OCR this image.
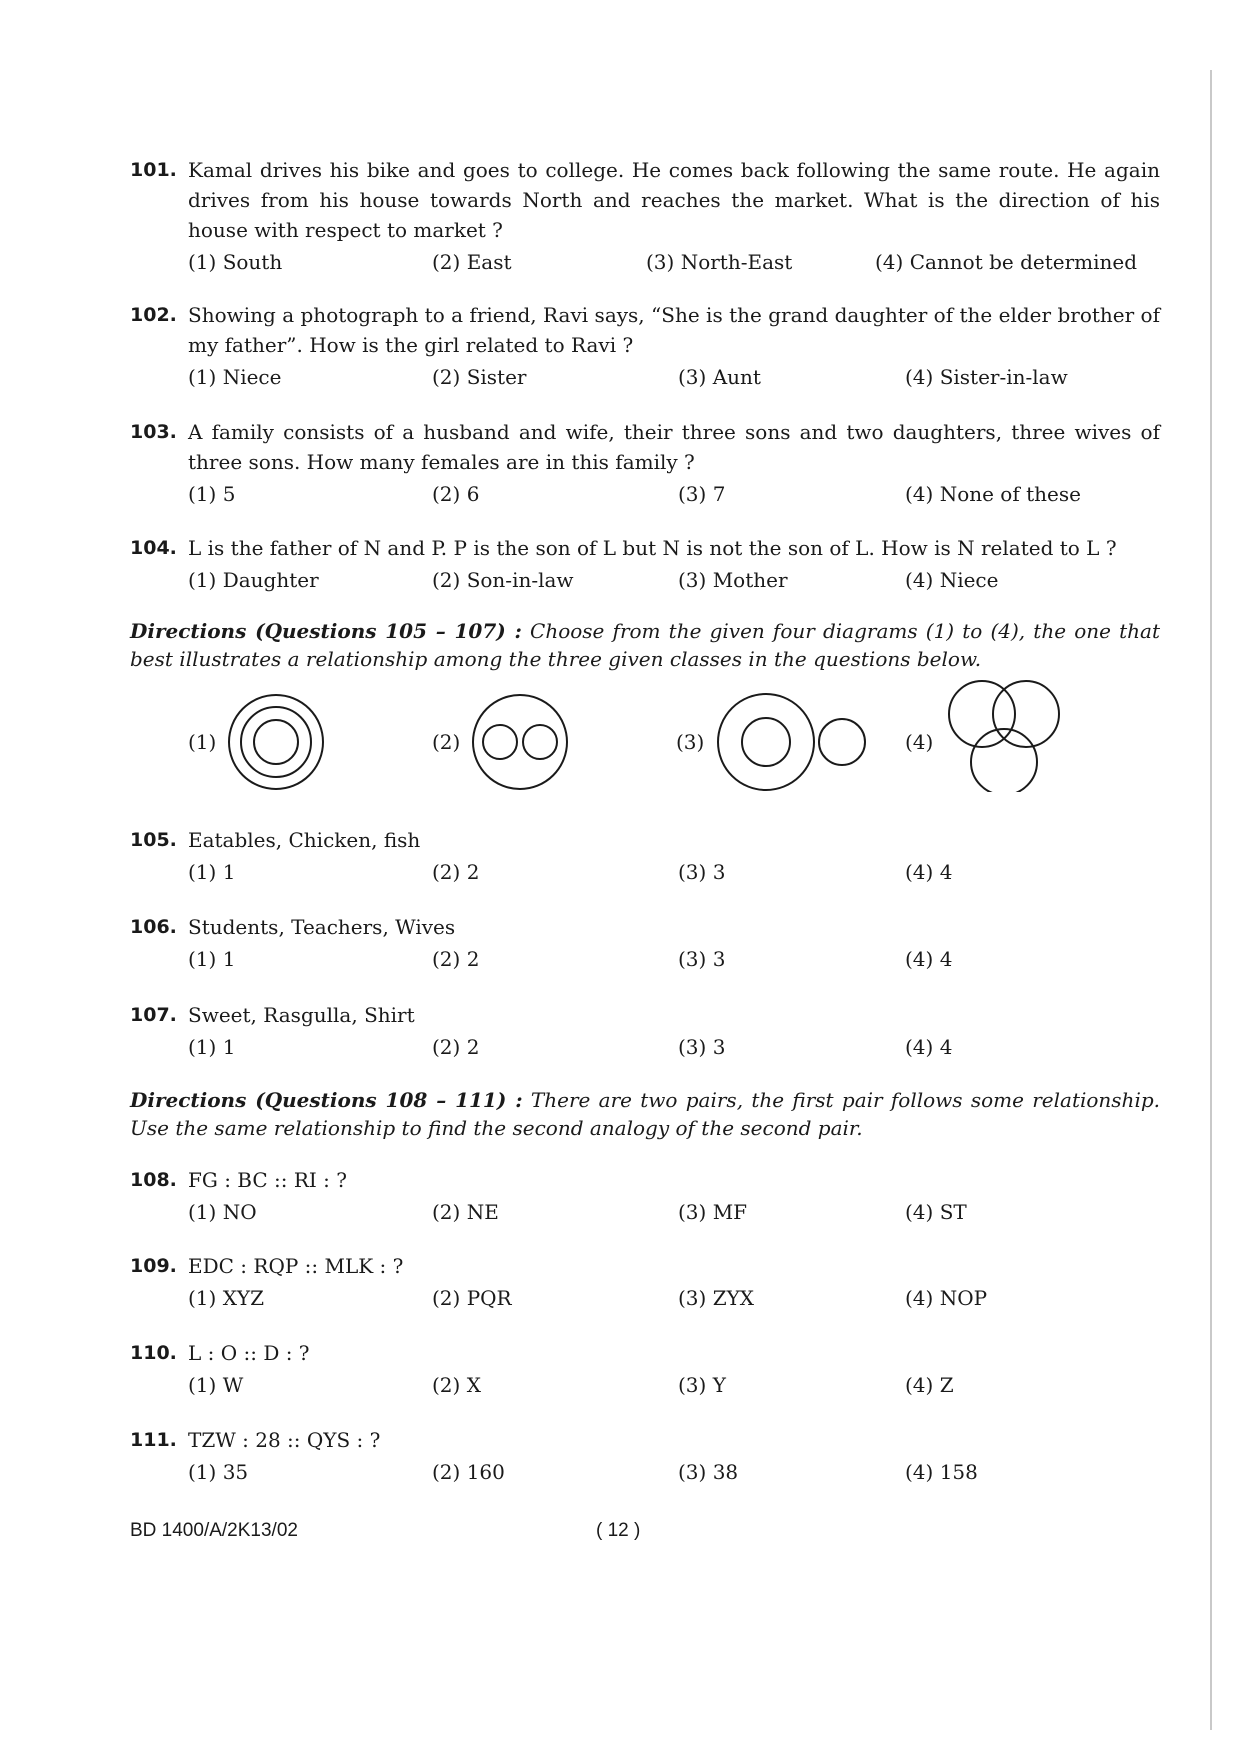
101. Kamal drives his bike and goes to college. He comes back following the same route. He again drives from his house towards North and reaches the market. What is the direction of his house with respect to market ?
(1) South	(2) East	(3) North-East	(4) Cannot be determined
102. Showing a photograph to a friend, Ravi says, “She is the grand daughter of the elder brother of my father”. How is the girl related to Ravi ?
(1) Niece	(2) Sister	(3) Aunt	(4) Sister-in-law
103. A family consists of a husband and wife, their three sons and two daughters, three wives of three sons. How many females are in this family ?
(1) 5	(2) 6	(3) 7	(4) None of these
104. L is the father of N and P. P is the son of L but N is not the son of L. How is N related to L ?
(1) Daughter	(2) Son-in-law	(3) Mother	(4) Niece
Directions (Questions 105 – 107) : Choose from the given four diagrams (1) to (4), the one that best illustrates a relationship among the three given classes in the questions below.
(1)	(2)	(3)	(4)
105. Eatables, Chicken, fish
(1) 1	(2) 2	(3) 3	(4) 4
106. Students, Teachers, Wives
(1) 1	(2) 2	(3) 3	(4) 4
107. Sweet, Rasgulla, Shirt
(1) 1	(2) 2	(3) 3	(4) 4
Directions (Questions 108 – 111) : There are two pairs, the first pair follows some relationship. Use the same relationship to find the second analogy of the second pair.
108. FG : BC :: RI : ?
(1) NO	(2) NE	(3) MF	(4) ST
109. EDC : RQP :: MLK : ?
(1) XYZ	(2) PQR	(3) ZYX	(4) NOP
110. L : O :: D : ?
(1) W	(2) X	(3) Y	(4) Z
111. TZW : 28 :: QYS : ?
(1) 35	(2) 160	(3) 38	(4) 158
BD 1400/A/2K13/02	( 12 )
